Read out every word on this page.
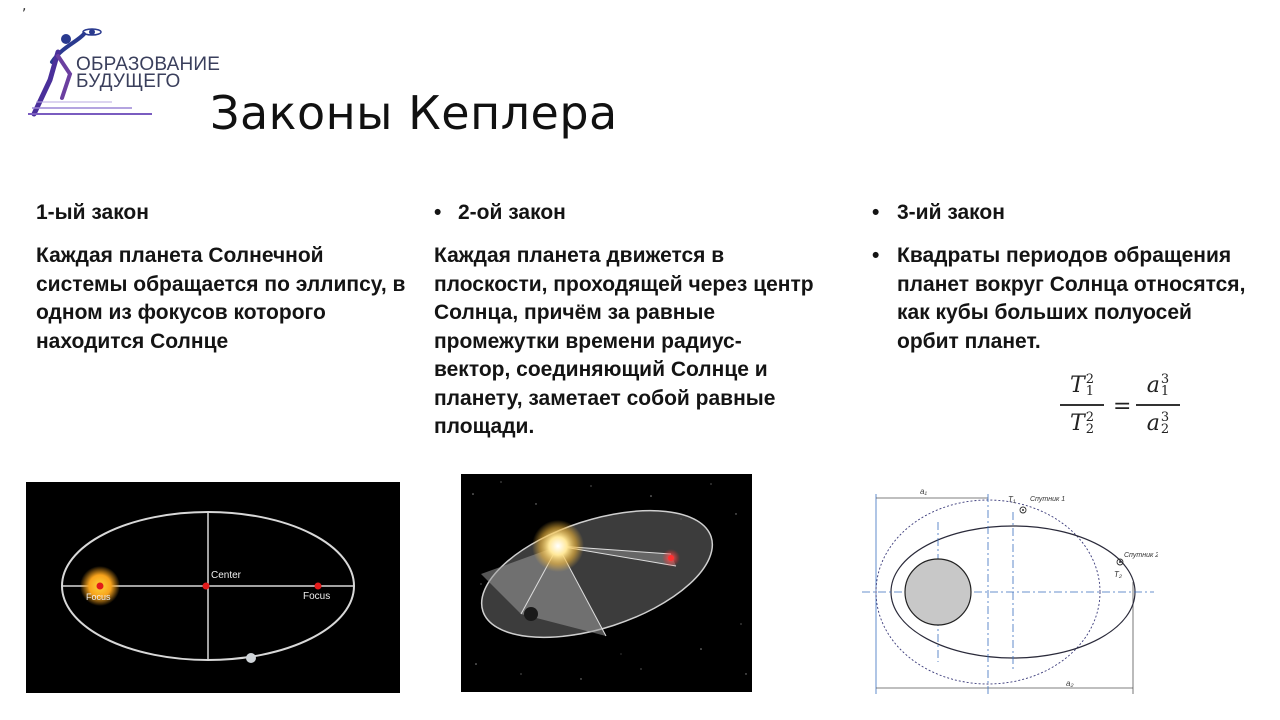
,
ОБРАЗОВАНИЕ
БУДУЩЕГО
Законы Кеплера
1-ый закон
Каждая планета Солнечной системы обращается по эллипсу, в одном из фокусов которого находится Солнце
• 2-ой закон
Каждая планета движется в плоскости, проходящей через центр Солнца, причём за равные промежутки времени радиус-вектор, соединяющий Солнце и планету, заметает собой равные площади.
• 3-ий закон
• Квадраты периодов обращения планет вокруг Солнца относятся, как кубы больших полуосей орбит планет.
T2
1
T2
2
=
a3
1
a3
2
Focus
Center
Focus
a₁
a₂
T₁
T₂
Спутник 1
Спутник 2
